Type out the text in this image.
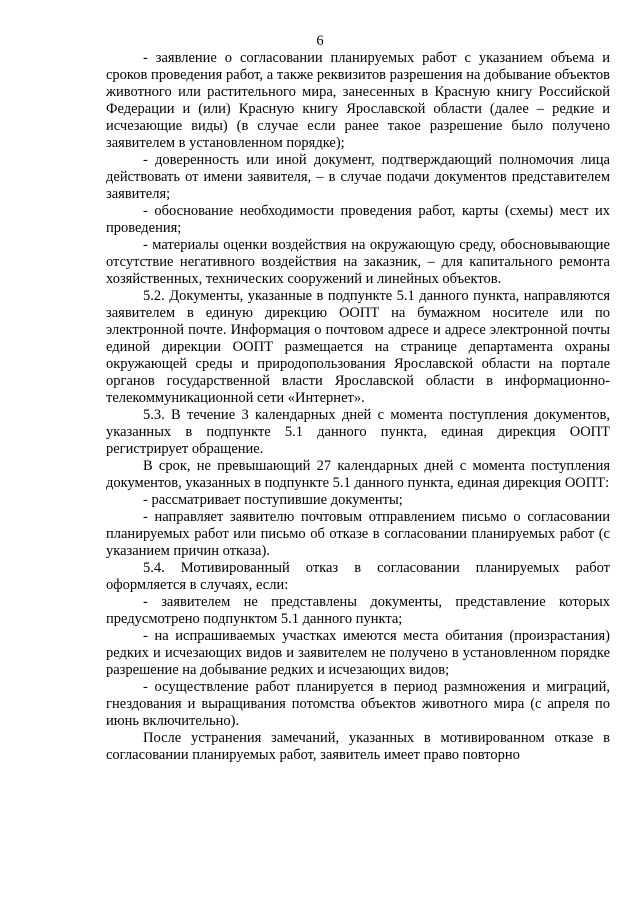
6

- заявление о согласовании планируемых работ с указанием объема и сроков проведения работ, а также реквизитов разрешения на добывание объектов животного или растительного мира, занесенных в Красную книгу Российской Федерации и (или) Красную книгу Ярославской области (далее – редкие и исчезающие виды) (в случае если ранее такое разрешение было получено заявителем в установленном порядке);

- доверенность или иной документ, подтверждающий полномочия лица действовать от имени заявителя, – в случае подачи документов представителем заявителя;

- обоснование необходимости проведения работ, карты (схемы) мест их проведения;

- материалы оценки воздействия на окружающую среду, обосновывающие отсутствие негативного воздействия на заказник, – для капитального ремонта хозяйственных, технических сооружений и линейных объектов.

5.2. Документы, указанные в подпункте 5.1 данного пункта, направляются заявителем в единую дирекцию ООПТ на бумажном носителе или по электронной почте. Информация о почтовом адресе и адресе электронной почты единой дирекции ООПТ размещается на странице департамента охраны окружающей среды и природопользования Ярославской области на портале органов государственной власти Ярославской области в информационно-телекоммуникационной сети «Интернет».

5.3. В течение 3 календарных дней с момента поступления документов, указанных в подпункте 5.1 данного пункта, единая дирекция ООПТ регистрирует обращение.

В срок, не превышающий 27 календарных дней с момента поступления документов, указанных в подпункте 5.1 данного пункта, единая дирекция ООПТ:

- рассматривает поступившие документы;

- направляет заявителю почтовым отправлением письмо о согласовании планируемых работ или письмо об отказе в согласовании планируемых работ (с указанием причин отказа).

5.4. Мотивированный отказ в согласовании планируемых работ оформляется в случаях, если:

- заявителем не представлены документы, представление которых предусмотрено подпунктом 5.1 данного пункта;

- на испрашиваемых участках имеются места обитания (произрастания) редких и исчезающих видов и заявителем не получено в установленном порядке разрешение на добывание редких и исчезающих видов;

- осуществление работ планируется в период размножения и миграций, гнездования и выращивания потомства объектов животного мира (с апреля по июнь включительно).

После устранения замечаний, указанных в мотивированном отказе в согласовании планируемых работ, заявитель имеет право повторно
